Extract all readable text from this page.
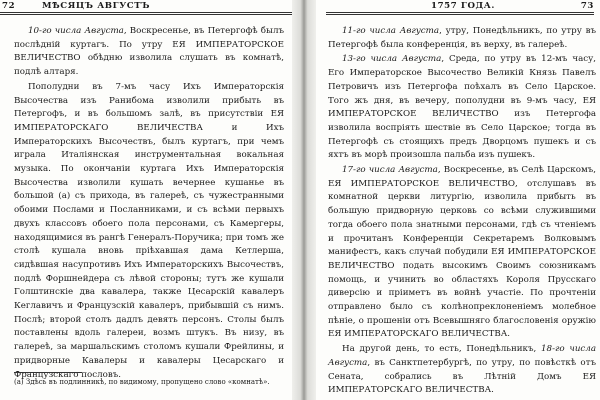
72	МѢСЯЦЪ АВГУСТЪ

10-го числа Августа, Воскресенье, въ Петергофѣ былъ послѣдній куртагъ. По утру ЕЯ ИМПЕРАТОРСКОЕ ВЕЛИЧЕСТВО обѣдню изволила слушать въ комнатѣ, подлѣ алтаря.

Пополудни въ 7-мъ часу Ихъ Императорскія Высочества изъ Ранибома изволили прибыть въ Петергофъ, и въ большомъ залѣ, въ присутствіи ЕЯ ИМПЕРАТОРСКАГО ВЕЛИЧЕСТВА и Ихъ Императорскихъ Высочествъ, былъ куртагъ, при чемъ играла Италіянская инструментальная вокальная музыка. По окончаніи куртага Ихъ Императорскія Высочества изволили кушать вечернее кушанье въ большой (a) съ прихода, въ галереѣ, съ чужестранными обоими Послами и Посланниками, и съ всѣми первыхъ двухъ классовъ обоего пола персонами, съ Камергеры, находящимися въ рангѣ Генералъ-Поручика; при томъ же столѣ кушала вновь пріѣхавшая дама Кетлерша, сидѣвшая насупротивъ Ихъ Императорскихъ Высочествъ, подлѣ Форшнейдера съ лѣвой стороны; тутъ же кушали Голштинскіе два кавалера, также Цесарскій кавалеръ Кеглавичъ и Французскій кавалеръ, прибывшій съ нимъ. Послѣ; второй столъ дадлъ девять персонъ. Столы былъ поставлены вдоль галереи, возмъ штукъ. Въ низу, въ галереѣ, за маршальскимъ столомъ кушали Фрейлины, и придворные Кавалеры и кавалеры Цесарскаго и Французскаго пословъ.

(a) Здѣсь въ подлинникѣ, по видимому, пропущено слово «комнатѣ».
1757 ГОДА.	73

11-го числа Августа, утру, Понедѣльникъ, по утру въ Петергофѣ была конференція, въ верху, въ галереѣ.

13-го числа Августа, Среда, по утру въ 12-мъ часу, Его Императорское Высочество Великій Князь Павелъ Петровичъ изъ Петергофа поѣхалъ въ Село Царское. Того жъ дня, въ вечеру, пополудни въ 9-мъ часу, ЕЯ ИМПЕРАТОРСКОЕ ВЕЛИЧЕСТВО изъ Петергофа изволила воспріять шествіе въ Село Царское; тогда въ Петергофѣ съ стоящихъ предъ Дворцомъ пушекъ и съ яхтъ въ морѣ произошла пальба изъ пушекъ.

17-го числа Августа, Воскресенье, въ Селѣ Царскомъ, ЕЯ ИМПЕРАТОРСКОЕ ВЕЛИЧЕСТВО, отслушавъ въ комнатной церкви литургію, изволила прибыть въ большую придворную церковь со всѣми служившими тогда обоего пола знатными персонами, гдѣ съ чтеніемъ и прочитанъ Конференціи Секретаремъ Волковымъ манифестъ, какъ случай побудили ЕЯ ИМПЕРАТОРСКОЕ ВЕЛИЧЕСТВО подать высокимъ Своимъ союзникамъ помощь, и учинить во областяхъ Короля Прусскаго диверсію и пріиметъ въ войнѣ участіе. По прочтеніи отправлено было съ колѣнопреклоненіемъ молебное пѣніе, о прошеніи отъ Всевышняго благословенія оружію ЕЯ ИМПЕРАТОРСКАГО ВЕЛИЧЕСТВА.

На другой день, то есть, Понедѣльникъ, 18-го числа Августа, въ Санктпетербургѣ, по утру, по повѣсткѣ отъ Сената, собрались въ Лѣтній Домъ ЕЯ ИМПЕРАТОРСКАГО ВЕЛИЧЕСТВА.
